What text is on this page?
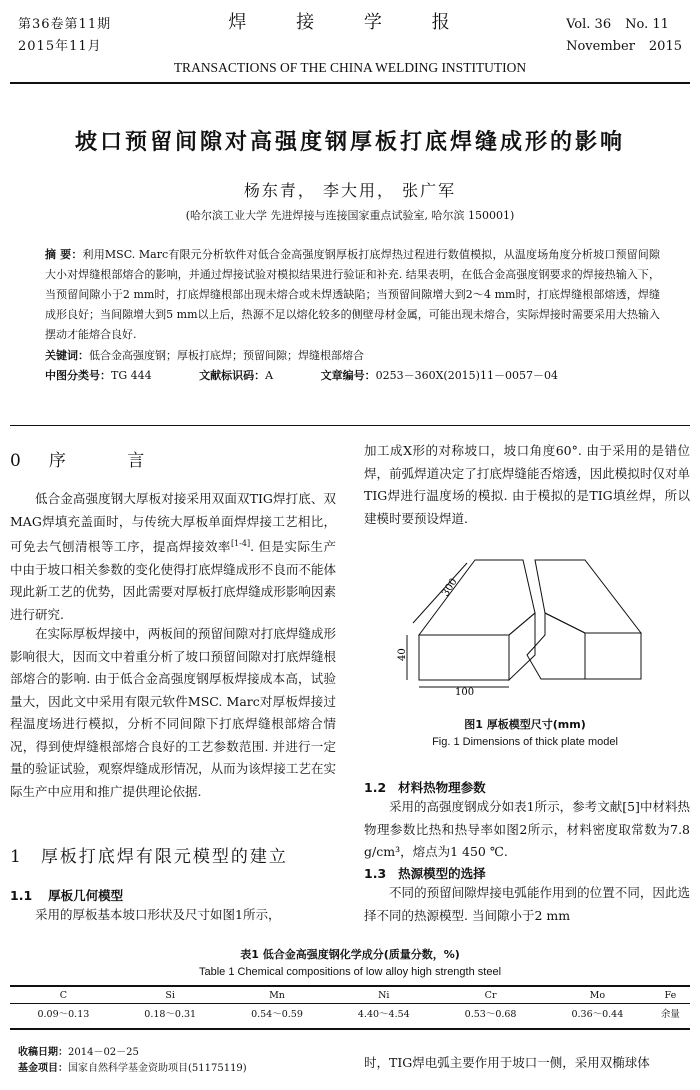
第36卷第11期
2015年11月
焊 接 学 报
TRANSACTIONS OF THE CHINA WELDING INSTITUTION
Vol. 36 No. 11
November 2015
坡口预留间隙对高强度钢厚板打底焊缝成形的影响
杨东青， 李大用， 张广军
(哈尔滨工业大学 先进焊接与连接国家重点试验室, 哈尔滨 150001)
摘 要：利用MSC. Marc有限元分析软件对低合金高强度钢厚板打底焊热过程进行数值模拟，从温度场角度分析坡口预留间隙大小对焊缝根部熔合的影响，并通过焊接试验对模拟结果进行验证和补充. 结果表明，在低合金高强度钢要求的焊接热输入下，当预留间隙小于2 mm时，打底焊缝根部出现未熔合或未焊透缺陷；当预留间隙增大到2～4 mm时，打底焊缝根部熔透，焊缝成形良好；当间隙增大到5 mm以上后，热源不足以熔化较多的侧壁母材金属，可能出现未熔合，实际焊接时需要采用大热输入摆动才能熔合良好.
关键词：低合金高强度钢；厚板打底焊；预留间隙；焊缝根部熔合
中图分类号：TG 444	文献标识码：A	文章编号：0253－360X(2015)11－0057－04
0 序 言
低合金高强度钢大厚板对接采用双面双TIG焊打底、双MAG焊填充盖面时，与传统大厚板单面焊焊接工艺相比，可免去气刨清根等工序，提高焊接效率[1-4]. 但是实际生产中由于坡口相关参数的变化使得打底焊缝成形不良而不能体现此新工艺的优势，因此需要对厚板打底焊缝成形影响因素进行研究.
在实际厚板焊接中，两板间的预留间隙对打底焊缝成形影响很大，因而文中着重分析了坡口预留间隙对打底焊缝根部熔合的影响. 由于低合金高强度钢厚板焊接成本高，试验量大，因此文中采用有限元软件MSC. Marc对厚板焊接过程温度场进行模拟，分析不同间隙下打底焊缝根部熔合情况，得到使焊缝根部熔合良好的工艺参数范围. 并进行一定量的验证试验，观察焊缝成形情况，从而为该焊接工艺在实际生产中应用和推广提供理论依据.
1 厚板打底焊有限元模型的建立
1.1 厚板几何模型
采用的厚板基本坡口形状及尺寸如图1所示，
加工成X形的对称坡口，坡口角度60°. 由于采用的是错位焊，前弧焊道决定了打底焊缝能否熔透，因此模拟时仅对单TIG焊进行温度场的模拟. 由于模拟的是TIG填丝焊，所以建模时要预设焊道.
300
40
100
图1 厚板模型尺寸(mm)
Fig. 1 Dimensions of thick plate model
1.2 材料热物理参数
采用的高强度钢成分如表1所示，参考文献[5]中材料热物理参数比热和热导率如图2所示，材料密度取常数为7.8 g/cm³，熔点为1 450 ℃.
1.3 热源模型的选择
不同的预留间隙焊接电弧能作用到的位置不同，因此选择不同的热源模型. 当间隙小于2 mm
表1 低合金高强度钢化学成分(质量分数，%)
Table 1 Chemical compositions of low alloy high strength steel
C	Si	Mn	Ni	Cr	Mo	Fe
0.09～0.13	0.18～0.31	0.54～0.59	4.40～4.54	0.53～0.68	0.36～0.44	余量
收稿日期：2014－02－25
基金项目：国家自然科学基金资助项目(51175119)	时，TIG焊电弧主要作用于坡口一侧，采用双椭球体
